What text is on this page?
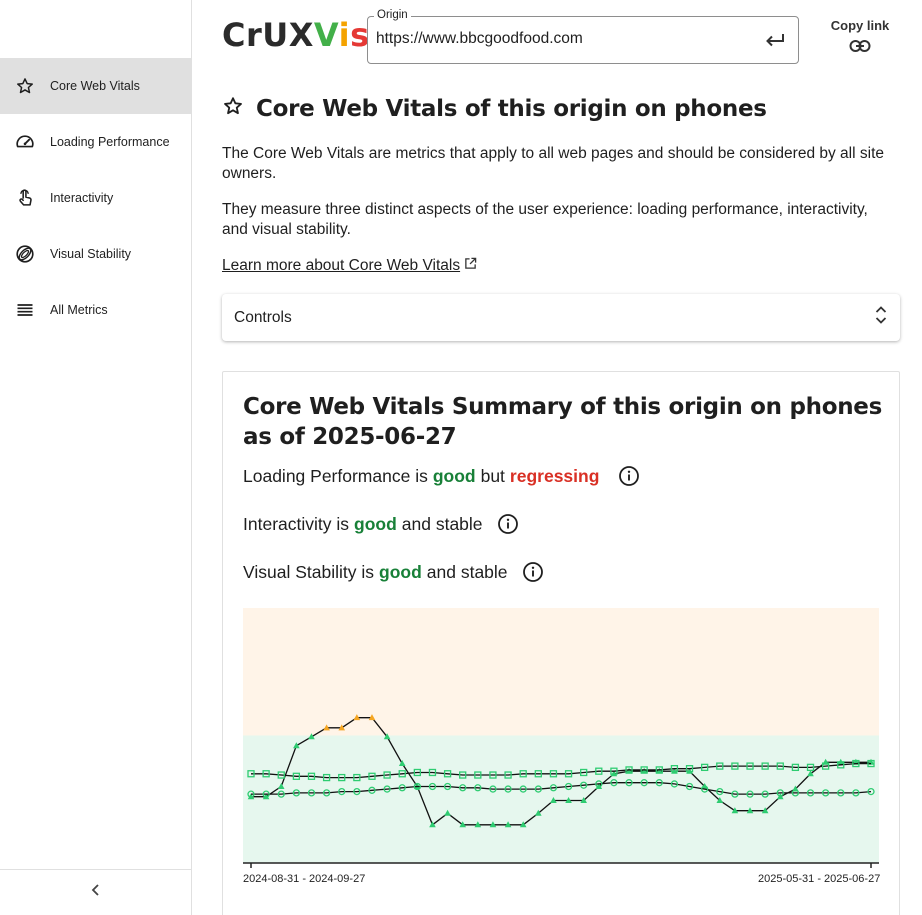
Core Web Vitals
Loading Performance
Interactivity
Visual Stability
All Metrics
CrUXVis
Origin
https://www.bbcgoodfood.com
Copy link
Core Web Vitals of this origin on phones

The Core Web Vitals are metrics that apply to all web pages and should be considered by all site owners.

They measure three distinct aspects of the user experience: loading performance, interactivity, and visual stability.

Learn more about Core Web Vitals
Controls
Core Web Vitals Summary of this origin on phones as of 2025-06-27
Loading Performance is good but regressing
Interactivity is good and stable
Visual Stability is good and stable
2024-08-31 - 2024-09-27	2025-05-31 - 2025-06-27
